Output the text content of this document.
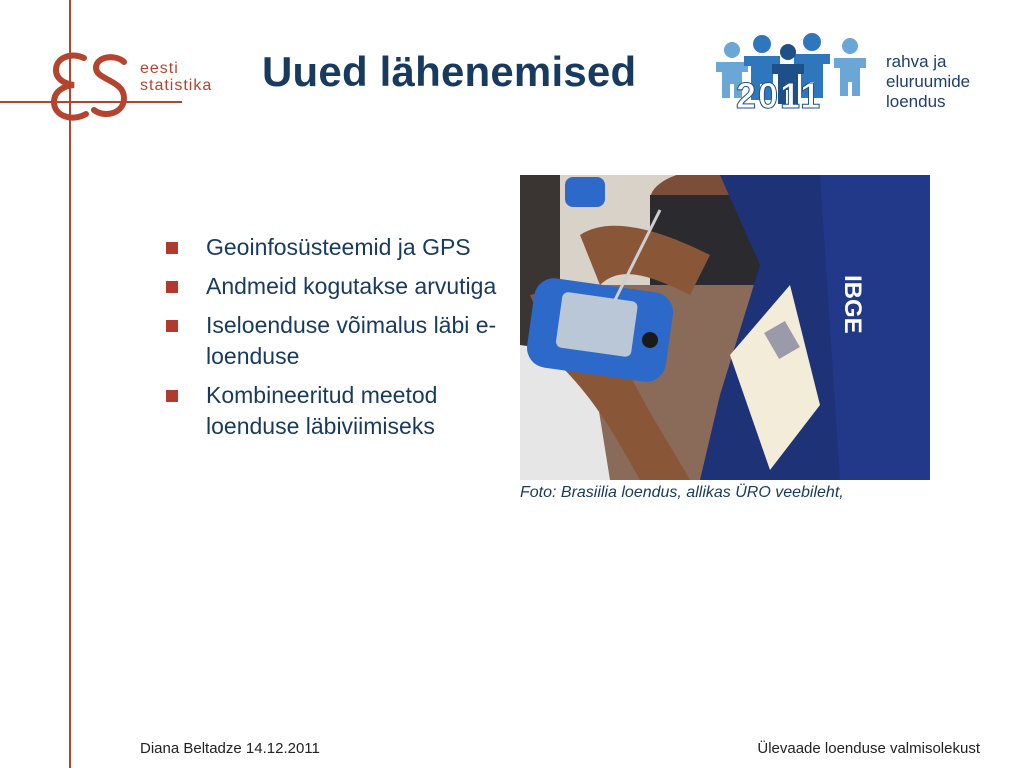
eesti
statistika Uued lähenemised
2011
rahva ja
eluruumide
loendus
Geoinfosüsteemid ja GPS
Andmeid kogutakse arvutiga
Iseloenduse võimalus läbi e-loenduse
Kombineeritud meetod loenduse läbiviimiseks
IBGE
Foto: Brasiilia loendus, allikas ÜRO veebileht,
Diana Beltadze 14.12.2011	Ülevaade loenduse valmisolekust
